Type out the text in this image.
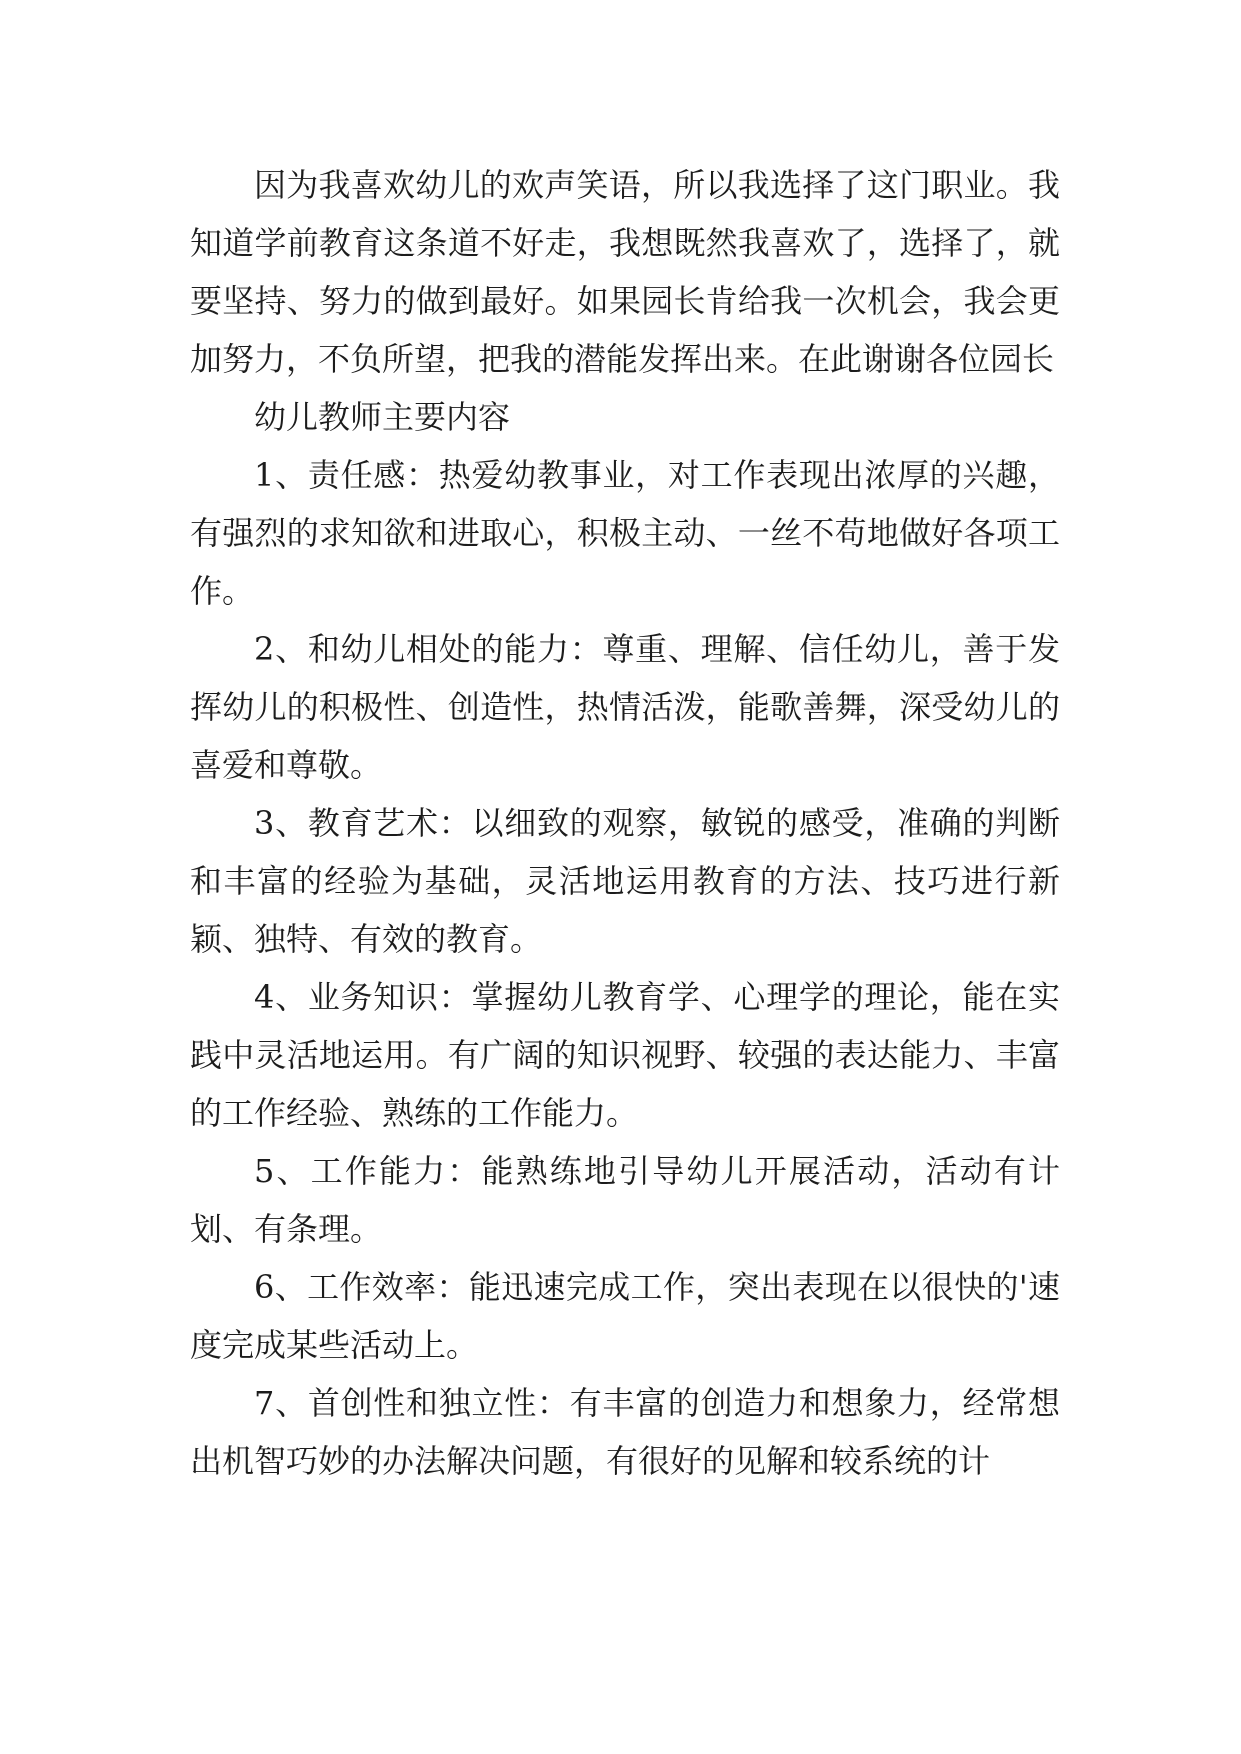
因为我喜欢幼儿的欢声笑语，所以我选择了这门职业。我知道学前教育这条道不好走，我想既然我喜欢了，选择了，就要坚持、努力的做到最好。如果园长肯给我一次机会，我会更加努力，不负所望，把我的潜能发挥出来。在此谢谢各位园长

幼儿教师主要内容

1、责任感：热爱幼教事业，对工作表现出浓厚的兴趣，有强烈的求知欲和进取心，积极主动、一丝不苟地做好各项工作。

2、和幼儿相处的能力：尊重、理解、信任幼儿，善于发挥幼儿的积极性、创造性，热情活泼，能歌善舞，深受幼儿的喜爱和尊敬。

3、教育艺术：以细致的观察，敏锐的感受，准确的判断和丰富的经验为基础，灵活地运用教育的方法、技巧进行新颖、独特、有效的教育。

4、业务知识：掌握幼儿教育学、心理学的理论，能在实践中灵活地运用。有广阔的知识视野、较强的表达能力、丰富的工作经验、熟练的工作能力。

5、工作能力：能熟练地引导幼儿开展活动，活动有计划、有条理。

6、工作效率：能迅速完成工作，突出表现在以很快的'速度完成某些活动上。

7、首创性和独立性：有丰富的创造力和想象力，经常想出机智巧妙的办法解决问题，有很好的见解和较系统的计
